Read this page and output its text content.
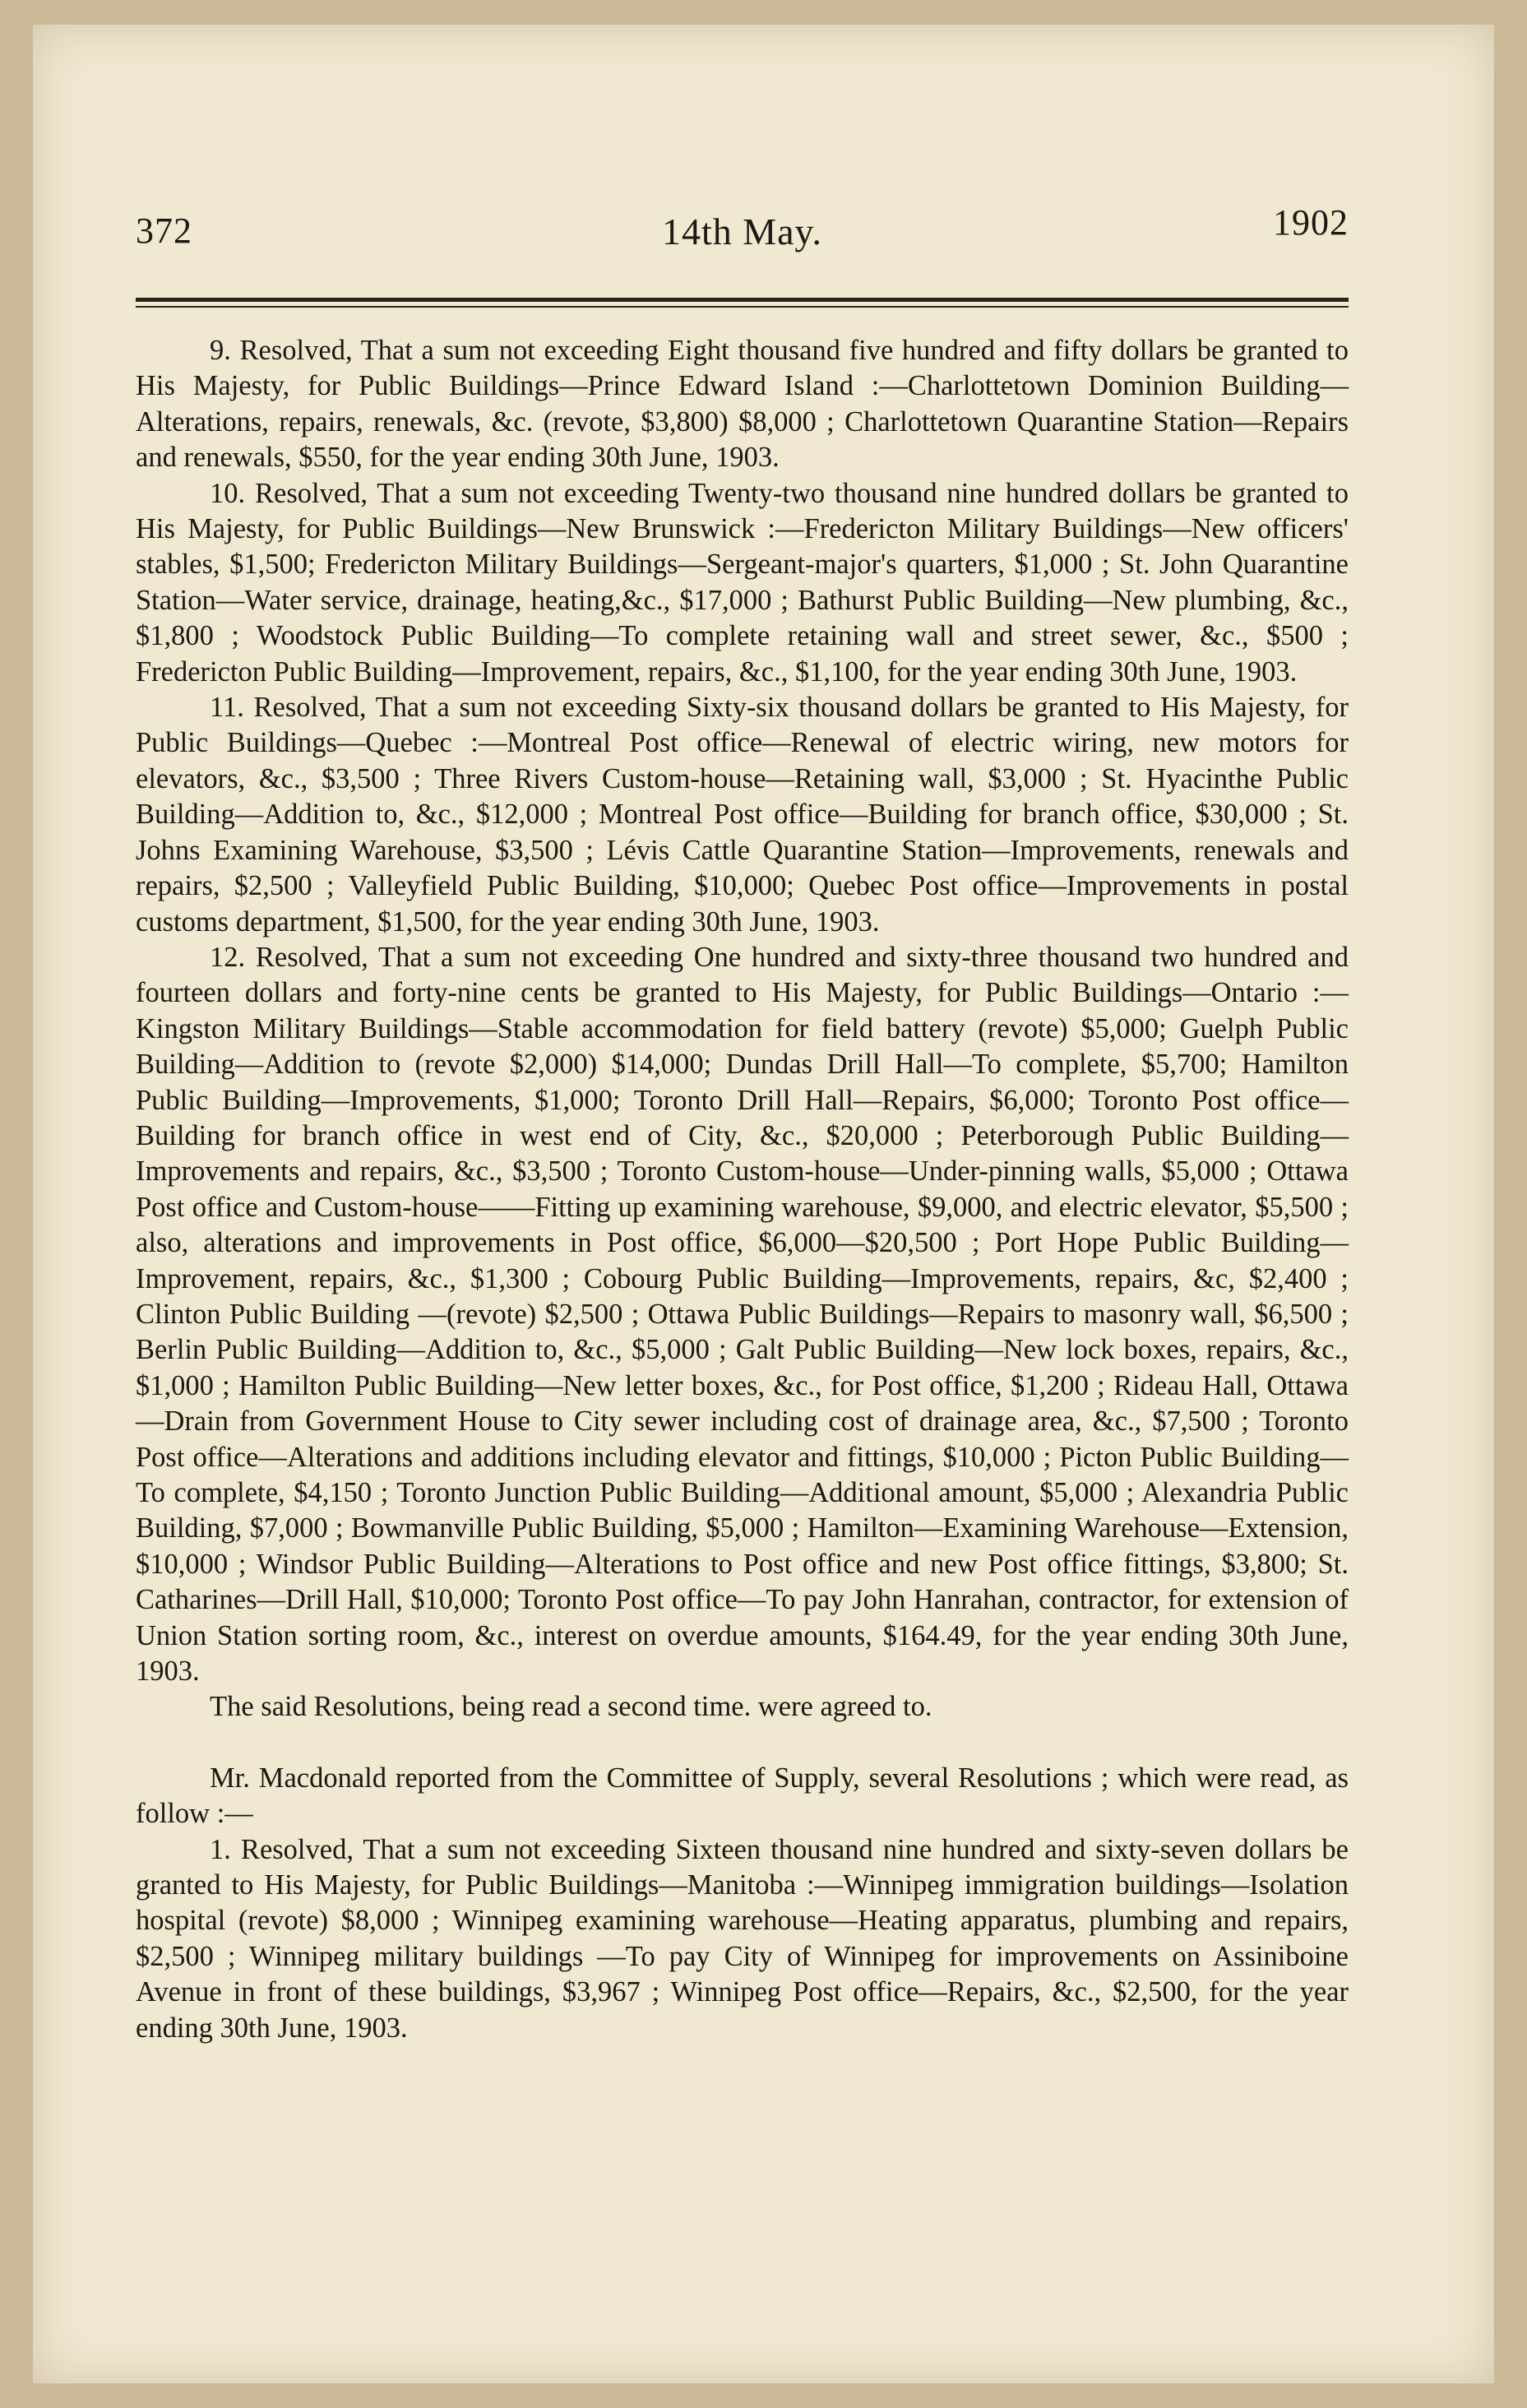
372	14th May.	1902

9. Resolved, That a sum not exceeding Eight thousand five hundred and fifty dollars be granted to His Majesty, for Public Buildings—Prince Edward Island :—Charlottetown Dominion Building—Alterations, repairs, renewals, &c. (revote, $3,800) $8,000 ; Charlottetown Quarantine Station—Repairs and renewals, $550, for the year ending 30th June, 1903.

10. Resolved, That a sum not exceeding Twenty-two thousand nine hundred dollars be granted to His Majesty, for Public Buildings—New Brunswick :—Fredericton Military Buildings—New officers' stables, $1,500; Fredericton Military Buildings—Sergeant-major's quarters, $1,000 ; St. John Quarantine Station—Water service, drainage, heating,&c., $17,000 ; Bathurst Public Building—New plumbing, &c., $1,800 ; Woodstock Public Building—To complete retaining wall and street sewer, &c., $500 ; Fredericton Public Building—Improvement, repairs, &c., $1,100, for the year ending 30th June, 1903.

11. Resolved, That a sum not exceeding Sixty-six thousand dollars be granted to His Majesty, for Public Buildings—Quebec :—Montreal Post office—Renewal of electric wiring, new motors for elevators, &c., $3,500 ; Three Rivers Custom-house—Retaining wall, $3,000 ; St. Hyacinthe Public Building—Addition to, &c., $12,000 ; Montreal Post office—Building for branch office, $30,000 ; St. Johns Examining Warehouse, $3,500 ; Lévis Cattle Quarantine Station—Improvements, renewals and repairs, $2,500 ; Valleyfield Public Building, $10,000; Quebec Post office—Improvements in postal customs department, $1,500, for the year ending 30th June, 1903.

12. Resolved, That a sum not exceeding One hundred and sixty-three thousand two hundred and fourteen dollars and forty-nine cents be granted to His Majesty, for Public Buildings—Ontario :—Kingston Military Buildings—Stable accommodation for field battery (revote) $5,000; Guelph Public Building—Addition to (revote $2,000) $14,000; Dundas Drill Hall—To complete, $5,700; Hamilton Public Building—Improvements, $1,000; Toronto Drill Hall—Repairs, $6,000; Toronto Post office—Building for branch office in west end of City, &c., $20,000 ; Peterborough Public Building—Improvements and repairs, &c., $3,500 ; Toronto Custom-house—Under-pinning walls, $5,000 ; Ottawa Post office and Custom-house——Fitting up examining warehouse, $9,000, and electric elevator, $5,500 ; also, alterations and improvements in Post office, $6,000—$20,500 ; Port Hope Public Building—Improvement, repairs, &c., $1,300 ; Cobourg Public Building—Improvements, repairs, &c, $2,400 ; Clinton Public Building —(revote) $2,500 ; Ottawa Public Buildings—Repairs to masonry wall, $6,500 ; Berlin Public Building—Addition to, &c., $5,000 ; Galt Public Building—New lock boxes, repairs, &c., $1,000 ; Hamilton Public Building—New letter boxes, &c., for Post office, $1,200 ; Rideau Hall, Ottawa—Drain from Government House to City sewer including cost of drainage area, &c., $7,500 ; Toronto Post office—Alterations and additions including elevator and fittings, $10,000 ; Picton Public Building—To complete, $4,150 ; Toronto Junction Public Building—Additional amount, $5,000 ; Alexandria Public Building, $7,000 ; Bowmanville Public Building, $5,000 ; Hamilton—Examining Warehouse—Extension, $10,000 ; Windsor Public Building—Alterations to Post office and new Post office fittings, $3,800; St. Catharines—Drill Hall, $10,000; Toronto Post office—To pay John Hanrahan, contractor, for extension of Union Station sorting room, &c., interest on overdue amounts, $164.49, for the year ending 30th June, 1903.

The said Resolutions, being read a second time. were agreed to.

Mr. Macdonald reported from the Committee of Supply, several Resolutions ; which were read, as follow :—

1. Resolved, That a sum not exceeding Sixteen thousand nine hundred and sixty-seven dollars be granted to His Majesty, for Public Buildings—Manitoba :—Winnipeg immigration buildings—Isolation hospital (revote) $8,000 ; Winnipeg examining warehouse—Heating apparatus, plumbing and repairs, $2,500 ; Winnipeg military buildings —To pay City of Winnipeg for improvements on Assiniboine Avenue in front of these buildings, $3,967 ; Winnipeg Post office—Repairs, &c., $2,500, for the year ending 30th June, 1903.
